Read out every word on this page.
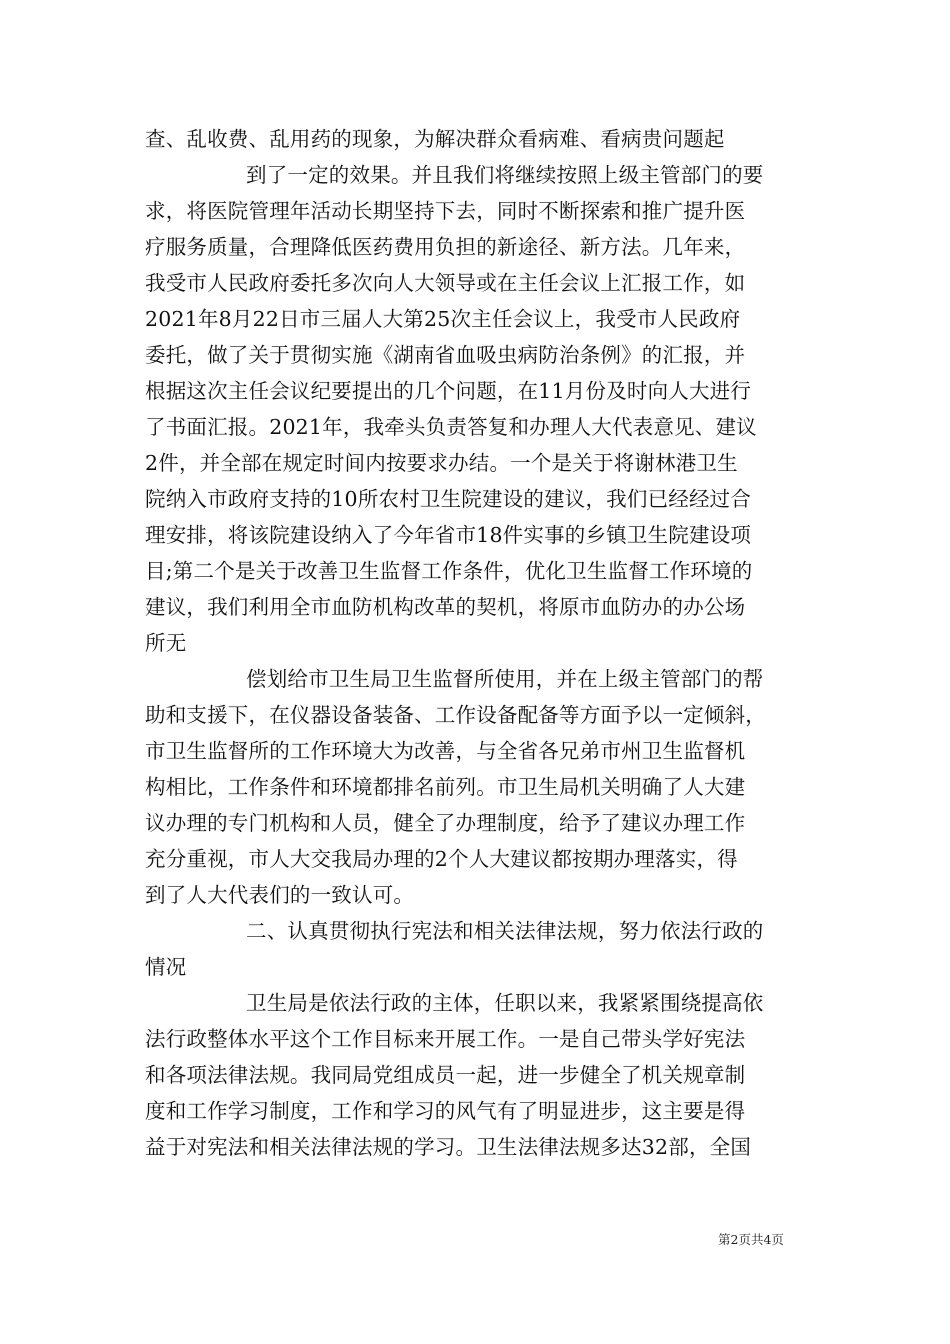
查、乱收费、乱用药的现象，为解决群众看病难、看病贵问题起
到了一定的效果。并且我们将继续按照上级主管部门的要
求，将医院管理年活动长期坚持下去，同时不断探索和推广提升医
疗服务质量，合理降低医药费用负担的新途径、新方法。几年来，
我受市人民政府委托多次向人大领导或在主任会议上汇报工作，如
2021年8月22日市三届人大第25次主任会议上，我受市人民政府
委托，做了关于贯彻实施《湖南省血吸虫病防治条例》的汇报，并
根据这次主任会议纪要提出的几个问题，在11月份及时向人大进行
了书面汇报。2021年，我牵头负责答复和办理人大代表意见、建议
2件，并全部在规定时间内按要求办结。一个是关于将谢林港卫生
院纳入市政府支持的10所农村卫生院建设的建议，我们已经经过合
理安排，将该院建设纳入了今年省市18件实事的乡镇卫生院建设项
目;第二个是关于改善卫生监督工作条件，优化卫生监督工作环境的
建议，我们利用全市血防机构改革的契机，将原市血防办的办公场
所无
偿划给市卫生局卫生监督所使用，并在上级主管部门的帮
助和支援下，在仪器设备装备、工作设备配备等方面予以一定倾斜，
市卫生监督所的工作环境大为改善，与全省各兄弟市州卫生监督机
构相比，工作条件和环境都排名前列。市卫生局机关明确了人大建
议办理的专门机构和人员，健全了办理制度，给予了建议办理工作
充分重视，市人大交我局办理的2个人大建议都按期办理落实，得
到了人大代表们的一致认可。
二、认真贯彻执行宪法和相关法律法规，努力依法行政的
情况
卫生局是依法行政的主体，任职以来，我紧紧围绕提高依
法行政整体水平这个工作目标来开展工作。一是自己带头学好宪法
和各项法律法规。我同局党组成员一起，进一步健全了机关规章制
度和工作学习制度，工作和学习的风气有了明显进步，这主要是得
益于对宪法和相关法律法规的学习。卫生法律法规多达32部，全国
第2页共4页
